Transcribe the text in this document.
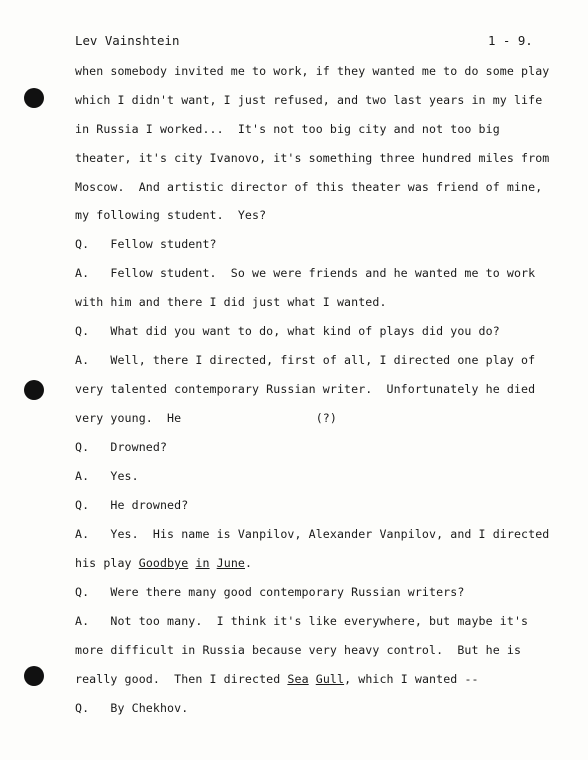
Lev Vainshtein	1 - 9.
when somebody invited me to work, if they wanted me to do some play
which I didn't want, I just refused, and two last years in my life
in Russia I worked...  It's not too big city and not too big
theater, it's city Ivanovo, it's something three hundred miles from
Moscow.  And artistic director of this theater was friend of mine,
my following student.  Yes?
Q.   Fellow student?
A.   Fellow student.  So we were friends and he wanted me to work
with him and there I did just what I wanted.
Q.   What did you want to do, what kind of plays did you do?
A.   Well, there I directed, first of all, I directed one play of
very talented contemporary Russian writer.  Unfortunately he died
very young.  He                   (?)
Q.   Drowned?
A.   Yes.
Q.   He drowned?
A.   Yes.  His name is Vanpilov, Alexander Vanpilov, and I directed
his play Goodbye in June.
Q.   Were there many good contemporary Russian writers?
A.   Not too many.  I think it's like everywhere, but maybe it's
more difficult in Russia because very heavy control.  But he is
really good.  Then I directed Sea Gull, which I wanted --
Q.   By Chekhov.
